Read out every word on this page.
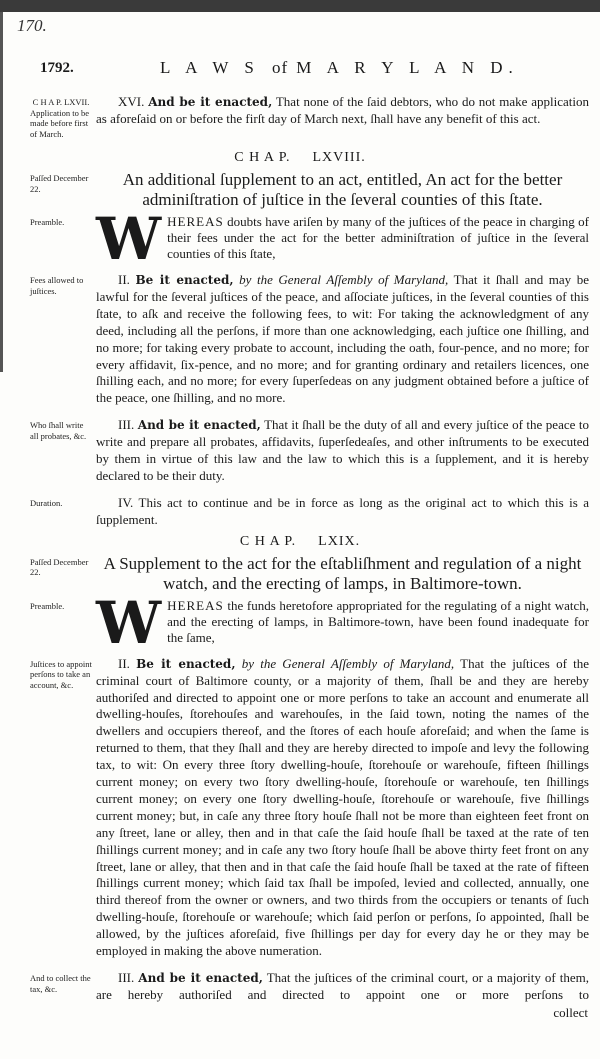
170.
1792.	L A W S of M A R Y L A N D.
C H A P. LXVII.
Application to be made before first of March.

XVI. And be it enacted, That none of the ſaid debtors, who do not make application as aforeſaid on or before the firſt day of March next, ſhall have any benefit of this act.

C H A P. LXVIII.
Paſſed December 22.	An additional ſupplement to an act, entitled, An act for the better adminiſtration of juſtice in the ſeveral counties of this ſtate.
Preamble. WHEREAS doubts have ariſen by many of the juſtices of the peace in charging of their fees under the act for the better adminiſtration of juſtice in the ſeveral counties of this ſtate,
Fees allowed to juſtices.

II. Be it enacted, by the General Aſſembly of Maryland, That it ſhall and may be lawful for the ſeveral juſtices of the peace, and aſſociate juſtices, in the ſeveral counties of this ſtate, to aſk and receive the following fees, to wit: For taking the acknowledgment of any deed, including all the perſons, if more than one acknowledging, each juſtice one ſhilling, and no more; for taking every probate to account, including the oath, four-pence, and no more; for every affidavit, ſix-pence, and no more; and for granting ordinary and retailers licences, one ſhilling each, and no more; for every ſuperſedeas on any judgment obtained before a juſtice of the peace, one ſhilling, and no more.

Who ſhall write all probates, &c.

III. And be it enacted, That it ſhall be the duty of all and every juſtice of the peace to write and prepare all probates, affidavits, ſuperſedeaſes, and other inſtruments to be executed by them in virtue of this law and the law to which this is a ſupplement, and it is hereby declared to be their duty.

Duration.	IV. This act to continue and be in force as long as the original act to which this is a ſupplement.

C H A P. LXIX.
Paſſed December 22.	A Supplement to the act for the eſtabliſhment and regulation of a night watch, and the erecting of lamps, in Baltimore-town.
Preamble. WHEREAS the funds heretofore appropriated for the regulating of a night watch, and the erecting of lamps, in Baltimore-town, have been found inadequate for the ſame,
Juſtices to appoint perſons to take an account, &c.

II. Be it enacted, by the General Aſſembly of Maryland, That the juſtices of the criminal court of Baltimore county, or a majority of them, ſhall be and they are hereby authoriſed and directed to appoint one or more perſons to take an account and enumerate all dwelling-houſes, ſtorehouſes and warehouſes, in the ſaid town, noting the names of the dwellers and occupiers thereof, and the ſtores of each houſe aforeſaid; and when the ſame is returned to them, that they ſhall and they are hereby directed to impoſe and levy the following tax, to wit: On every three ſtory dwelling-houſe, ſtorehouſe or warehouſe, fifteen ſhillings current money; on every two ſtory dwelling-houſe, ſtorehouſe or warehouſe, ten ſhillings current money; on every one ſtory dwelling-houſe, ſtorehouſe or warehouſe, five ſhillings current money; but, in caſe any three ſtory houſe ſhall not be more than eighteen feet front on any ſtreet, lane or alley, then and in that caſe the ſaid houſe ſhall be taxed at the rate of ten ſhillings current money; and in caſe any two ſtory houſe ſhall be above thirty feet front on any ſtreet, lane or alley, that then and in that caſe the ſaid houſe ſhall be taxed at the rate of fifteen ſhillings current money; which ſaid tax ſhall be impoſed, levied and collected, annually, one third thereof from the owner or owners, and two thirds from the occupiers or tenants of ſuch dwelling-houſe, ſtorehouſe or warehouſe; which ſaid perſon or perſons, ſo appointed, ſhall be allowed, by the juſtices aforeſaid, five ſhillings per day for every day he or they may be employed in making the above numeration.

And to collect the tax, &c.

III. And be it enacted, That the juſtices of the criminal court, or a majority of them, are hereby authoriſed and directed to appoint one or more perſons to

collect
